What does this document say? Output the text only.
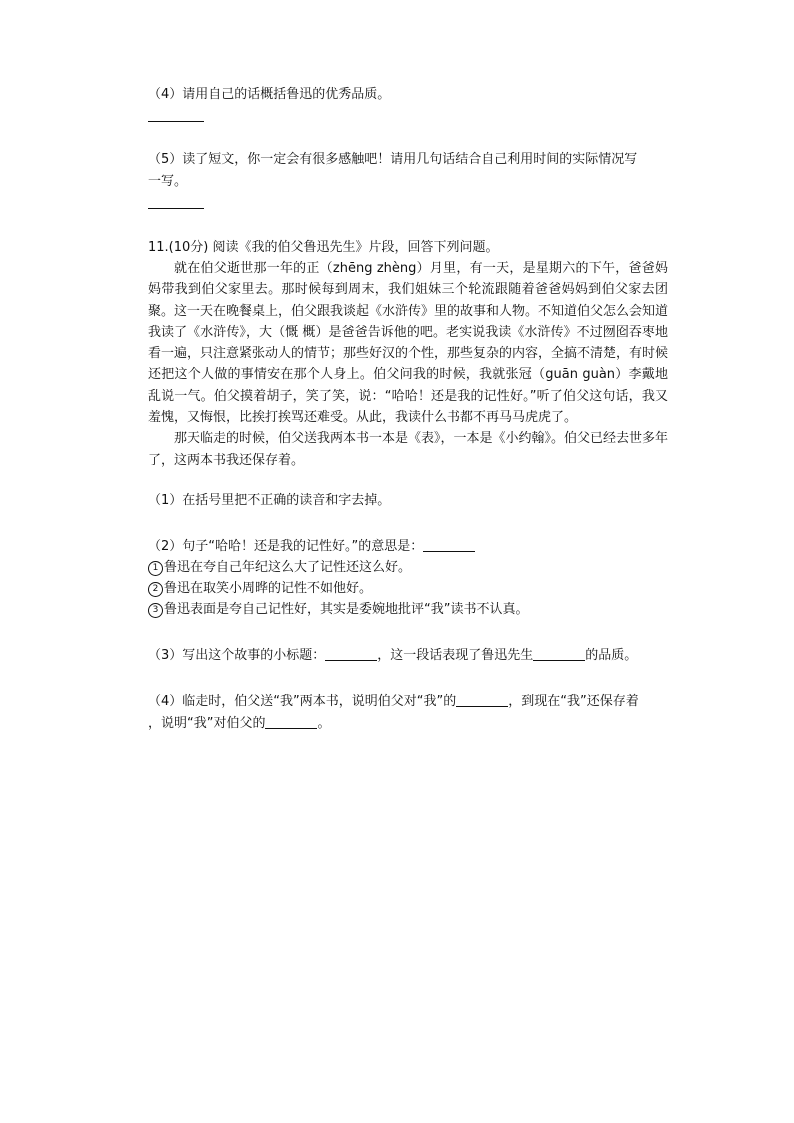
（4）请用自己的话概括鲁迅的优秀品质。
（5）读了短文，你一定会有很多感触吧！请用几句话结合自己利用时间的实际情况写
一写。
11.(10分) 阅读《我的伯父鲁迅先生》片段，回答下列问题。

就在伯父逝世那一年的正（zhēng zhèng）月里，有一天，是星期六的下午，爸爸妈妈带我到伯父家里去。那时候每到周末，我们姐妹三个轮流跟随着爸爸妈妈到伯父家去团聚。这一天在晚餐桌上，伯父跟我谈起《水浒传》里的故事和人物。不知道伯父怎么会知道我读了《水浒传》，大（慨 概）是爸爸告诉他的吧。老实说我读《水浒传》不过囫囵吞枣地看一遍，只注意紧张动人的情节；那些好汉的个性，那些复杂的内容，全搞不清楚，有时候还把这个人做的事情安在那个人身上。伯父问我的时候，我就张冠（guān guàn）李戴地乱说一气。伯父摸着胡子，笑了笑，说：“哈哈！还是我的记性好。”听了伯父这句话，我又羞愧，又悔恨，比挨打挨骂还难受。从此，我读什么书都不再马马虎虎了。

那天临走的时候，伯父送我两本书一本是《表》，一本是《小约翰》。伯父已经去世多年了，这两本书我还保存着。

（1）在括号里把不正确的读音和字去掉。
（2）句子“哈哈！还是我的记性好。”的意思是：
1 鲁迅在夸自己年纪这么大了记性还这么好。
2 鲁迅在取笑小周晔的记性不如他好。
3 鲁迅表面是夸自己记性好，其实是委婉地批评“我”读书不认真。
（3）写出这个故事的小标题：	，这一段话表现了鲁迅先生	的品质。
（4）临走时，伯父送“我”两本书，说明伯父对“我”的	，到现在“我”还保存着
，说明“我”对伯父的	。
